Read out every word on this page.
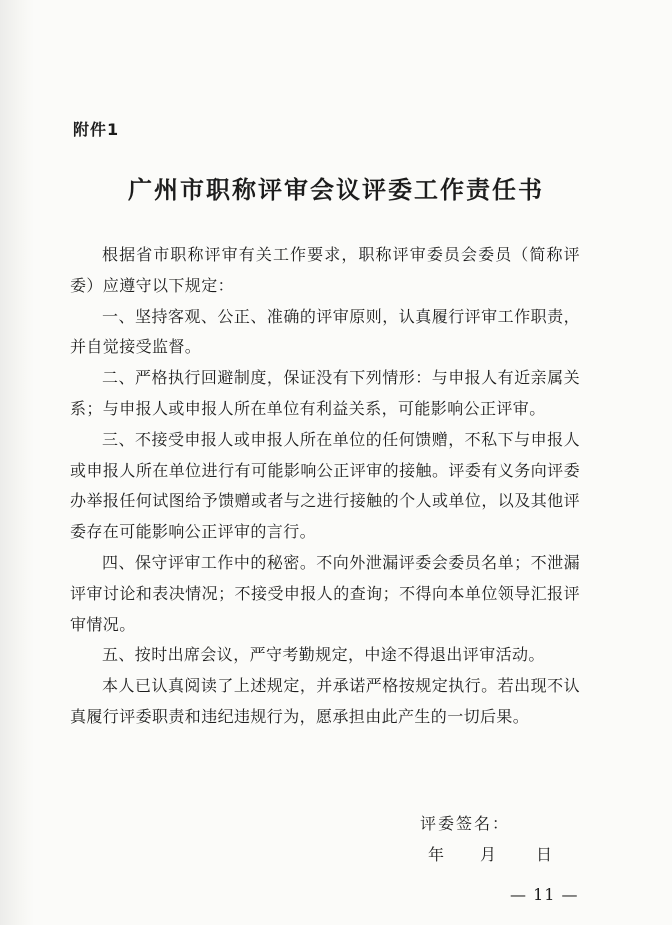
附件1
广州市职称评审会议评委工作责任书

根据省市职称评审有关工作要求，职称评审委员会委员（简称评委）应遵守以下规定：

一、坚持客观、公正、准确的评审原则，认真履行评审工作职责，并自觉接受监督。

二、严格执行回避制度，保证没有下列情形：与申报人有近亲属关系；与申报人或申报人所在单位有利益关系，可能影响公正评审。

三、不接受申报人或申报人所在单位的任何馈赠，不私下与申报人或申报人所在单位进行有可能影响公正评审的接触。评委有义务向评委办举报任何试图给予馈赠或者与之进行接触的个人或单位，以及其他评委存在可能影响公正评审的言行。

四、保守评审工作中的秘密。不向外泄漏评委会委员名单；不泄漏评审讨论和表决情况；不接受申报人的查询；不得向本单位领导汇报评审情况。

五、按时出席会议，严守考勤规定，中途不得退出评审活动。

本人已认真阅读了上述规定，并承诺严格按规定执行。若出现不认真履行评委职责和违纪违规行为，愿承担由此产生的一切后果。

评委签名：
年 月 日
— 11 —
